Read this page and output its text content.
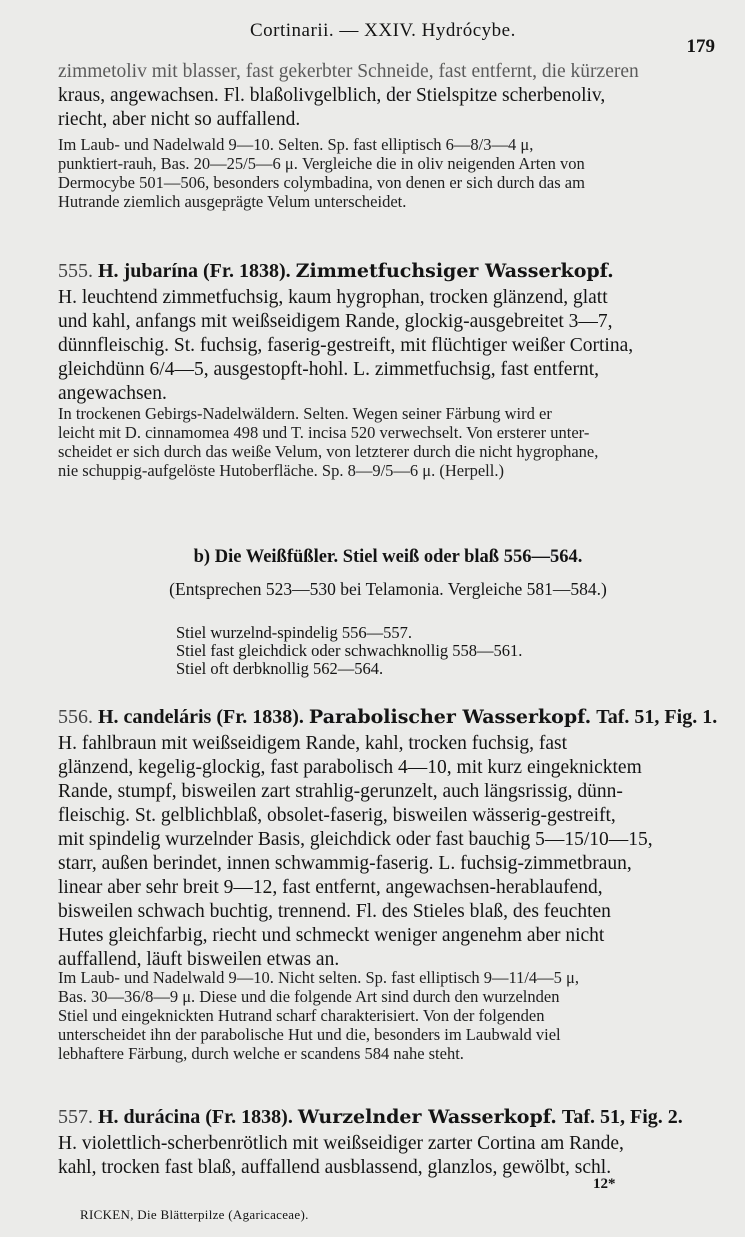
Cortinarii. — XXIV. Hydrócybe.
179
zimmetoliv mit blasser, fast gekerbter Schneide, fast entfernt, die kürzeren
kraus, angewachsen. Fl. blaßolivgelblich, der Stielspitze scherbenoliv,
riecht, aber nicht so auffallend.
Im Laub- und Nadelwald 9—10. Selten. Sp. fast elliptisch 6—8/3—4 μ,
punktiert-rauh, Bas. 20—25/5—6 μ. Vergleiche die in oliv neigenden Arten von
Dermocybe 501—506, besonders colymbadina, von denen er sich durch das am
Hutrande ziemlich ausgeprägte Velum unterscheidet.
555. H. jubarína (Fr. 1838). Zimmetfuchsiger Wasserkopf.
H. leuchtend zimmetfuchsig, kaum hygrophan, trocken glänzend, glatt
und kahl, anfangs mit weißseidigem Rande, glockig-ausgebreitet 3—7,
dünnfleischig. St. fuchsig, faserig-gestreift, mit flüchtiger weißer Cortina,
gleichdünn 6/4—5, ausgestopft-hohl. L. zimmetfuchsig, fast entfernt,
angewachsen.
In trockenen Gebirgs-Nadelwäldern. Selten. Wegen seiner Färbung wird er
leicht mit D. cinnamomea 498 und T. incisa 520 verwechselt. Von ersterer unter-
scheidet er sich durch das weiße Velum, von letzterer durch die nicht hygrophane,
nie schuppig-aufgelöste Hutoberfläche. Sp. 8—9/5—6 μ. (Herpell.)
b) Die Weißfüßler. Stiel weiß oder blaß 556—564.
(Entsprechen 523—530 bei Telamonia. Vergleiche 581—584.)
Stiel wurzelnd-spindelig 556—557.
Stiel fast gleichdick oder schwachknollig 558—561.
Stiel oft derbknollig 562—564.
556. H. candeláris (Fr. 1838). Parabolischer Wasserkopf. Taf. 51, Fig. 1.
H. fahlbraun mit weißseidigem Rande, kahl, trocken fuchsig, fast
glänzend, kegelig-glockig, fast parabolisch 4—10, mit kurz eingeknicktem
Rande, stumpf, bisweilen zart strahlig-gerunzelt, auch längsrissig, dünn-
fleischig. St. gelblichblaß, obsolet-faserig, bisweilen wässerig-gestreift,
mit spindelig wurzelnder Basis, gleichdick oder fast bauchig 5—15/10—15,
starr, außen berindet, innen schwammig-faserig. L. fuchsig-zimmetbraun,
linear aber sehr breit 9—12, fast entfernt, angewachsen-herablaufend,
bisweilen schwach buchtig, trennend. Fl. des Stieles blaß, des feuchten
Hutes gleichfarbig, riecht und schmeckt weniger angenehm aber nicht
auffallend, läuft bisweilen etwas an.
Im Laub- und Nadelwald 9—10. Nicht selten. Sp. fast elliptisch 9—11/4—5 μ,
Bas. 30—36/8—9 μ. Diese und die folgende Art sind durch den wurzelnden
Stiel und eingeknickten Hutrand scharf charakterisiert. Von der folgenden
unterscheidet ihn der parabolische Hut und die, besonders im Laubwald viel
lebhaftere Färbung, durch welche er scandens 584 nahe steht.
557. H. durácina (Fr. 1838). Wurzelnder Wasserkopf. Taf. 51, Fig. 2.
H. violettlich-scherbenrötlich mit weißseidiger zarter Cortina am Rande,
kahl, trocken fast blaß, auffallend ausblassend, glanzlos, gewölbt, schl.
12*
RICKEN, Die Blätterpilze (Agaricaceae).
